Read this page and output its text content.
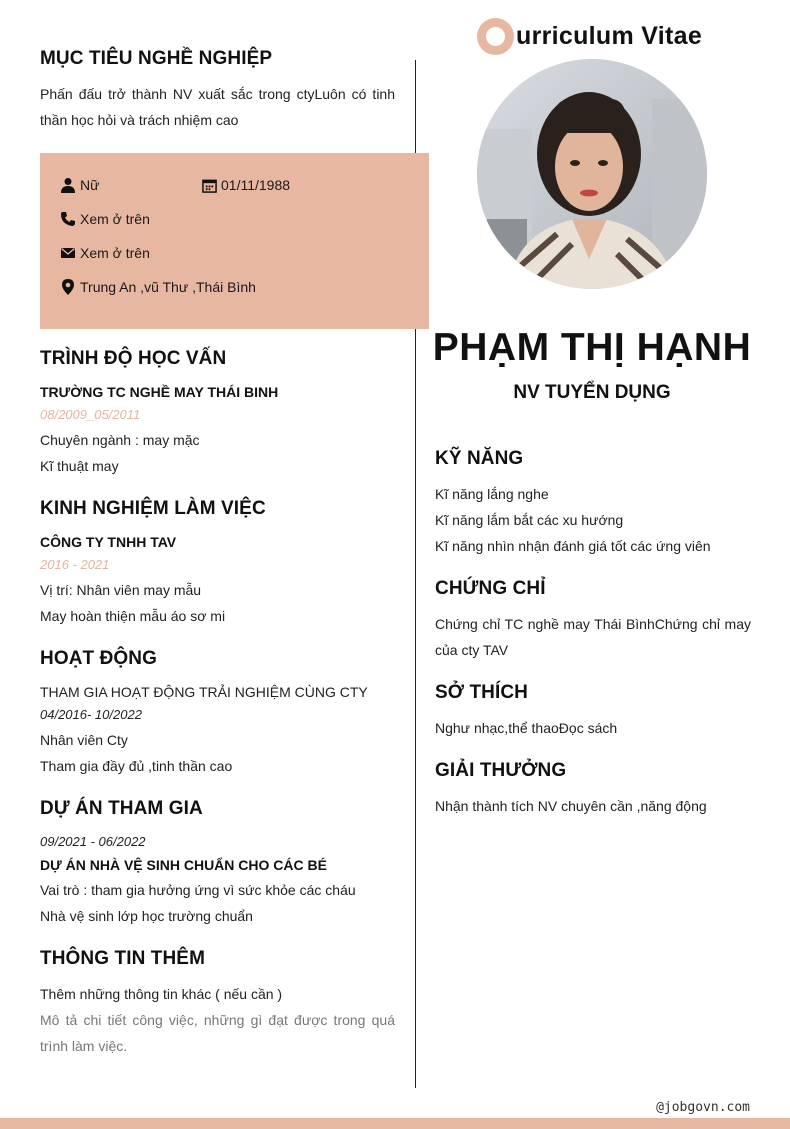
urriculum Vitae
PHẠM THỊ HẠNH
NV TUYỂN DỤNG
MỤC TIÊU NGHỀ NGHIỆP
Phấn đấu trở thành NV xuất sắc trong ctyLuôn có tinh thần học hỏi và trách nhiệm cao
Nữ	01/11/1988
Xem ở trên
Xem ở trên
Trung An ,vũ Thư ,Thái Bình
TRÌNH ĐỘ HỌC VẤN
TRƯỜNG TC NGHỀ MAY THÁI BINH
08/2009_05/2011
Chuyên ngành : may mặc
Kĩ thuật may
KINH NGHIỆM LÀM VIỆC
CÔNG TY TNHH TAV
2016 - 2021
Vị trí: Nhân viên may mẫu
May hoàn thiện mẫu áo sơ mi
HOẠT ĐỘNG
THAM GIA HOẠT ĐỘNG TRẢI NGHIỆM CÙNG CTY
04/2016- 10/2022
Nhân viên Cty
Tham gia đầy đủ ,tinh thần cao
DỰ ÁN THAM GIA
09/2021 - 06/2022
DỰ ÁN NHÀ VỆ SINH CHUẨN CHO CÁC BÉ
Vai trò : tham gia hưởng ứng vì sức khỏe các cháu
Nhà vệ sinh lớp học trường chuẩn
THÔNG TIN THÊM
Thêm những thông tin khác ( nếu cần )
Mô tả chi tiết công việc, những gì đạt được trong quá trình làm việc.
KỸ NĂNG
Kĩ năng lắng nghe
Kĩ năng lắm bắt các xu hướng
Kĩ năng nhìn nhận đánh giá tốt các ứng viên
CHỨNG CHỈ
Chứng chỉ TC nghề may Thái BìnhChứng chỉ may của cty TAV
SỞ THÍCH
Nghư nhạc,thể thaoĐọc sách
GIẢI THƯỞNG
Nhận thành tích NV chuyên cần ,năng động
@jobgovn.com
